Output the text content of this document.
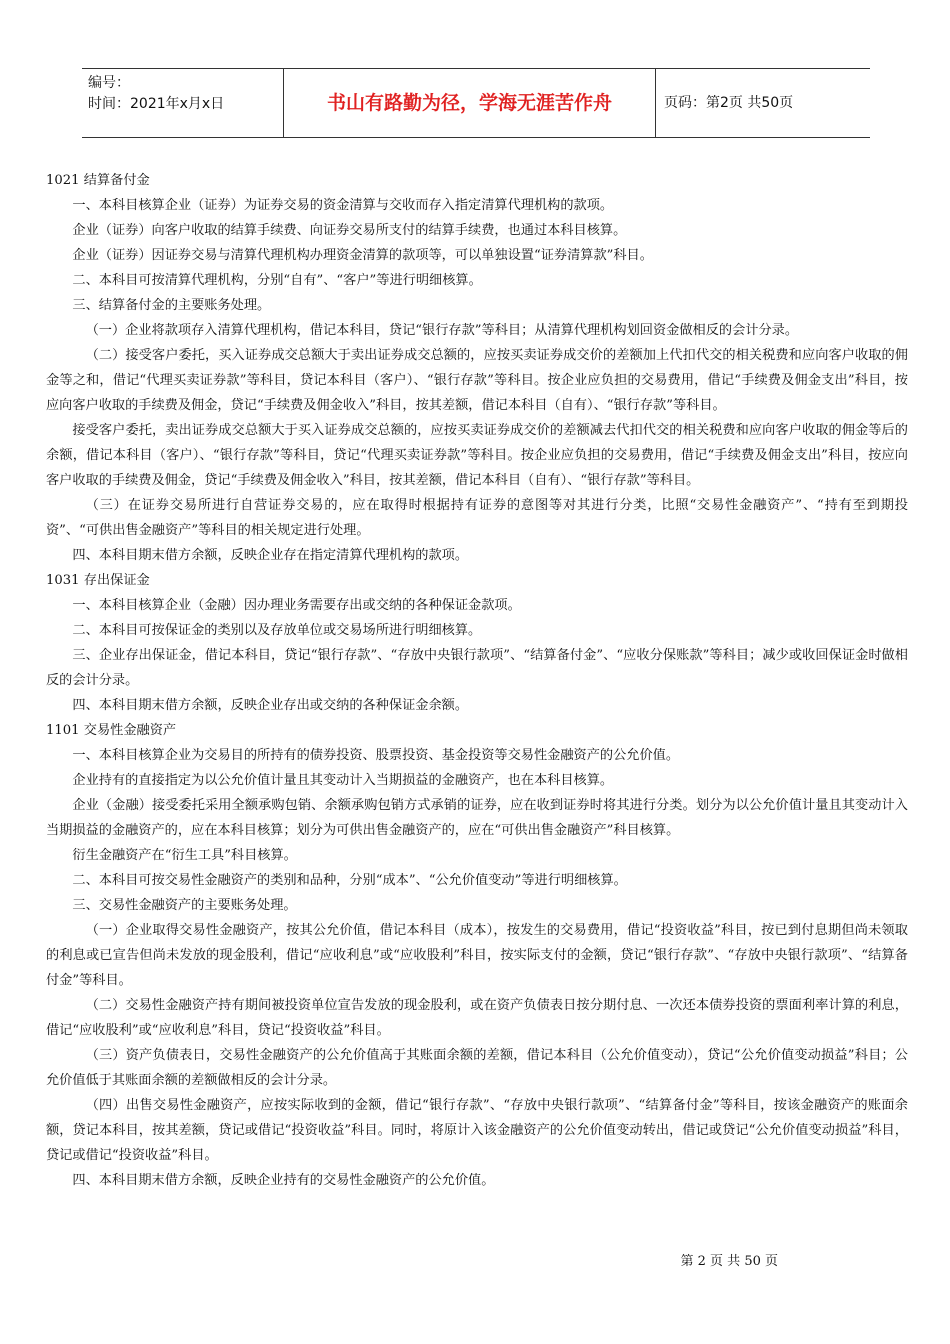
编号：
时间：2021年x月x日	书山有路勤为径，学海无涯苦作舟	页码：第2页 共50页

1021 结算备付金

一、本科目核算企业（证券）为证券交易的资金清算与交收而存入指定清算代理机构的款项。

企业（证券）向客户收取的结算手续费、向证券交易所支付的结算手续费，也通过本科目核算。

企业（证券）因证券交易与清算代理机构办理资金清算的款项等，可以单独设置“证券清算款”科目。

二、本科目可按清算代理机构，分别“自有”、“客户”等进行明细核算。

三、结算备付金的主要账务处理。

（一）企业将款项存入清算代理机构，借记本科目，贷记“银行存款”等科目；从清算代理机构划回资金做相反的会计分录。

（二）接受客户委托，买入证券成交总额大于卖出证券成交总额的，应按买卖证券成交价的差额加上代扣代交的相关税费和应向客户收取的佣金等之和，借记“代理买卖证券款”等科目，贷记本科目（客户）、“银行存款”等科目。按企业应负担的交易费用，借记“手续费及佣金支出”科目，按应向客户收取的手续费及佣金，贷记“手续费及佣金收入”科目，按其差额，借记本科目（自有）、“银行存款”等科目。

接受客户委托，卖出证券成交总额大于买入证券成交总额的，应按买卖证券成交价的差额减去代扣代交的相关税费和应向客户收取的佣金等后的余额，借记本科目（客户）、“银行存款”等科目，贷记“代理买卖证券款”等科目。按企业应负担的交易费用，借记“手续费及佣金支出”科目，按应向客户收取的手续费及佣金，贷记“手续费及佣金收入”科目，按其差额，借记本科目（自有）、“银行存款”等科目。

（三）在证券交易所进行自营证券交易的，应在取得时根据持有证券的意图等对其进行分类，比照“交易性金融资产”、“持有至到期投资”、“可供出售金融资产”等科目的相关规定进行处理。

四、本科目期末借方余额，反映企业存在指定清算代理机构的款项。

1031 存出保证金

一、本科目核算企业（金融）因办理业务需要存出或交纳的各种保证金款项。

二、本科目可按保证金的类别以及存放单位或交易场所进行明细核算。

三、企业存出保证金，借记本科目，贷记“银行存款”、“存放中央银行款项”、“结算备付金”、“应收分保账款”等科目；减少或收回保证金时做相反的会计分录。

四、本科目期末借方余额，反映企业存出或交纳的各种保证金余额。

1101 交易性金融资产

一、本科目核算企业为交易目的所持有的债券投资、股票投资、基金投资等交易性金融资产的公允价值。

企业持有的直接指定为以公允价值计量且其变动计入当期损益的金融资产，也在本科目核算。

企业（金融）接受委托采用全额承购包销、余额承购包销方式承销的证券，应在收到证券时将其进行分类。划分为以公允价值计量且其变动计入当期损益的金融资产的，应在本科目核算；划分为可供出售金融资产的，应在“可供出售金融资产”科目核算。

衍生金融资产在“衍生工具”科目核算。

二、本科目可按交易性金融资产的类别和品种，分别“成本”、“公允价值变动”等进行明细核算。

三、交易性金融资产的主要账务处理。

（一）企业取得交易性金融资产，按其公允价值，借记本科目（成本），按发生的交易费用，借记“投资收益”科目，按已到付息期但尚未领取的利息或已宣告但尚未发放的现金股利，借记“应收利息”或“应收股利”科目，按实际支付的金额，贷记“银行存款”、“存放中央银行款项”、“结算备付金”等科目。

（二）交易性金融资产持有期间被投资单位宣告发放的现金股利，或在资产负债表日按分期付息、一次还本债券投资的票面利率计算的利息，借记“应收股利”或“应收利息”科目，贷记“投资收益”科目。

（三）资产负债表日，交易性金融资产的公允价值高于其账面余额的差额，借记本科目（公允价值变动），贷记“公允价值变动损益”科目；公允价值低于其账面余额的差额做相反的会计分录。

（四）出售交易性金融资产，应按实际收到的金额，借记“银行存款”、“存放中央银行款项”、“结算备付金”等科目，按该金融资产的账面余额，贷记本科目，按其差额，贷记或借记“投资收益”科目。同时，将原计入该金融资产的公允价值变动转出，借记或贷记“公允价值变动损益”科目，贷记或借记“投资收益”科目。

四、本科目期末借方余额，反映企业持有的交易性金融资产的公允价值。

第 2 页 共 50 页
